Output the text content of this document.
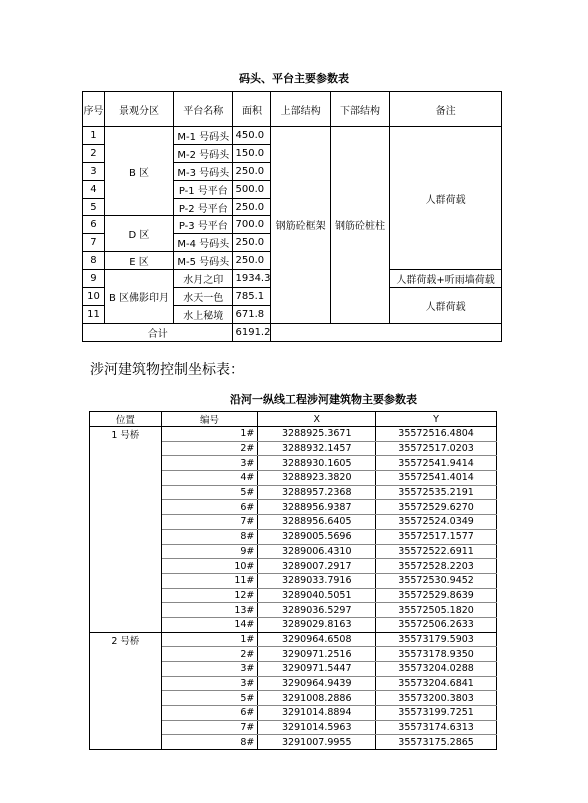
码头、平台主要参数表
序号	景观分区	平台名称	面积	上部结构	下部结构	备注
1	B 区	M-1 号码头	450.0	钢筋砼框架	钢筋砼桩柱	人群荷载
2		M-2 号码头	150.0			
3		M-3 号码头	250.0			
4		P-1 号平台	500.0			
5		P-2 号平台	250.0			
6	D 区	P-3 号平台	700.0			
7		M-4 号码头	250.0			
8	E 区	M-5 号码头	250.0			
9	B 区佛影印月	水月之印	1934.3			人群荷载+听雨墙荷载
10		水天一色	785.1			人群荷载
11		水上秘境	671.8			
合计			6191.2			
涉河建筑物控制坐标表：
沿河一纵线工程涉河建筑物主要参数表
位置	编号	X	Y
1 号桥	1#	3288925.3671	35572516.4804
	2#	3288932.1457	35572517.0203
	3#	3288930.1605	35572541.9414
	4#	3288923.3820	35572541.4014
	5#	3288957.2368	35572535.2191
	6#	3288956.9387	35572529.6270
	7#	3288956.6405	35572524.0349
	8#	3289005.5696	35572517.1577
	9#	3289006.4310	35572522.6911
	10#	3289007.2917	35572528.2203
	11#	3289033.7916	35572530.9452
	12#	3289040.5051	35572529.8639
	13#	3289036.5297	35572505.1820
	14#	3289029.8163	35572506.2633
2 号桥	1#	3290964.6508	35573179.5903
	2#	3290971.2516	35573178.9350
	3#	3290971.5447	35573204.0288
	3#	3290964.9439	35573204.6841
	5#	3291008.2886	35573200.3803
	6#	3291014.8894	35573199.7251
	7#	3291014.5963	35573174.6313
	8#	3291007.9955	35573175.2865
